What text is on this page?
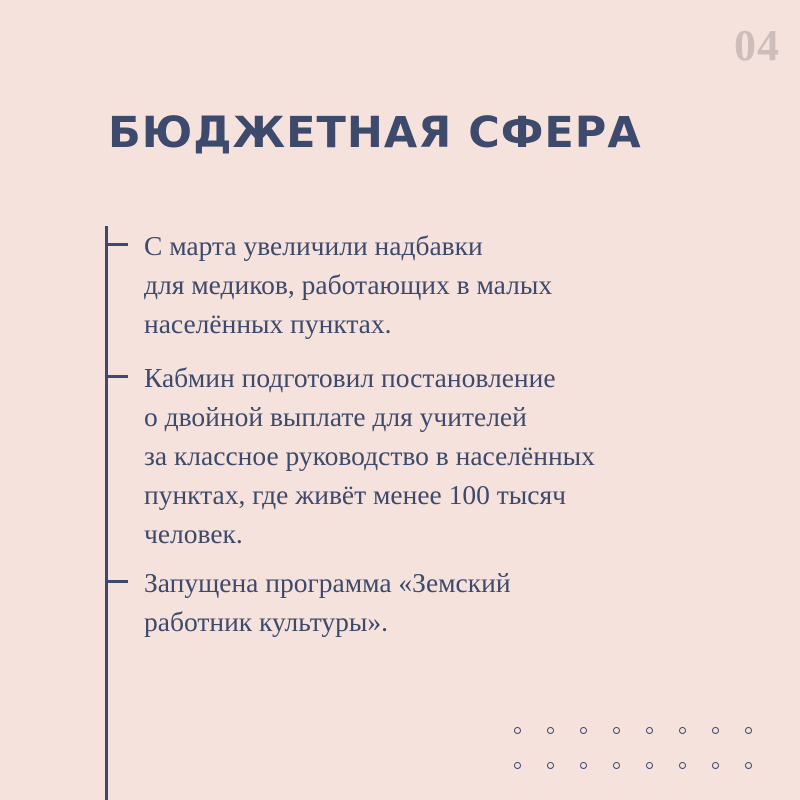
04
БЮДЖЕТНАЯ СФЕРА

С марта увеличили надбавки
для медиков, работающих в малых
населённых пунктах.

Кабмин подготовил постановление
о двойной выплате для учителей
за классное руководство в населённых
пунктах, где живёт менее 100 тысяч
человек.

Запущена программа «Земский
работник культуры».
